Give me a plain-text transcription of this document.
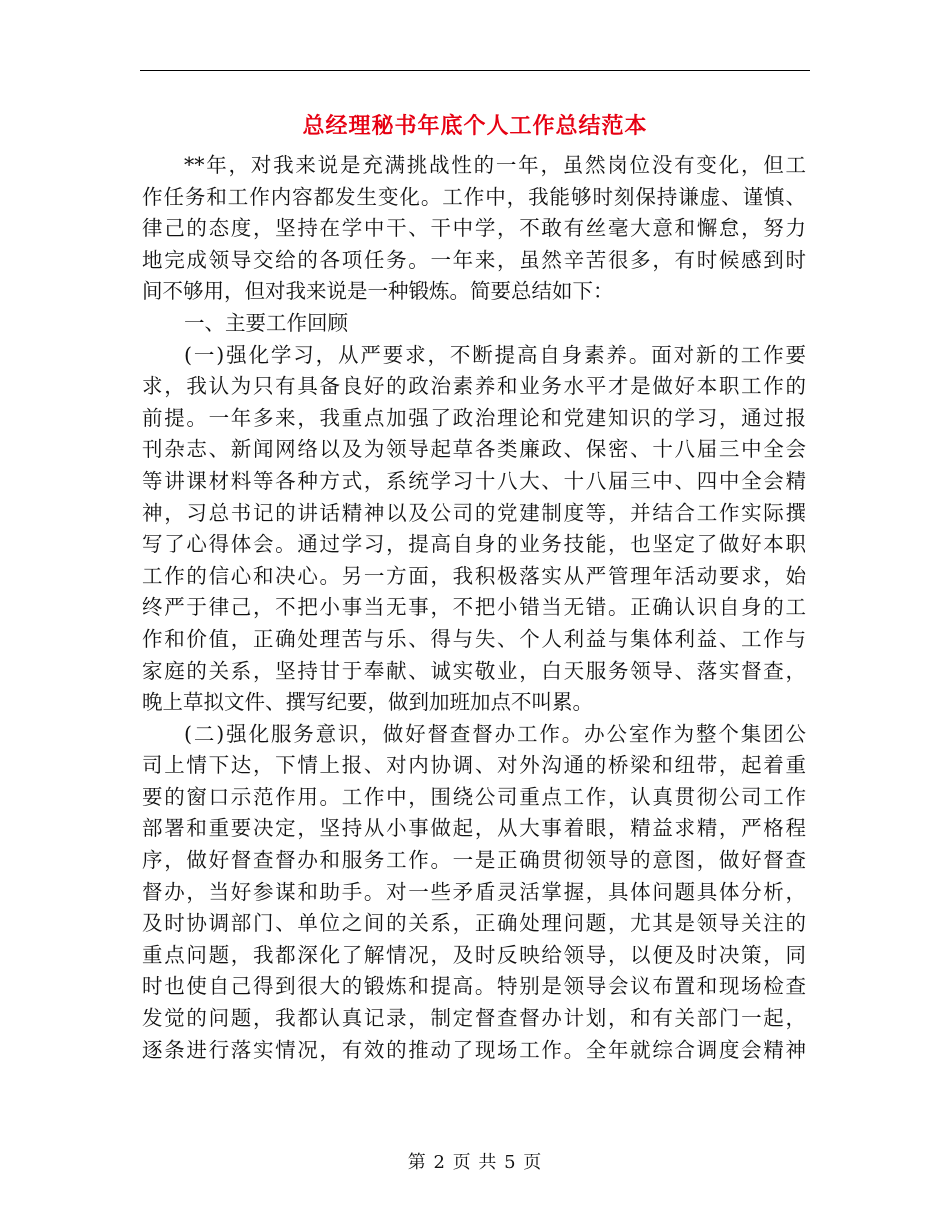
总经理秘书年底个人工作总结范本
**年，对我来说是充满挑战性的一年，虽然岗位没有变化，但工
作任务和工作内容都发生变化。工作中，我能够时刻保持谦虚、谨慎、
律己的态度，坚持在学中干、干中学，不敢有丝毫大意和懈怠，努力
地完成领导交给的各项任务。一年来，虽然辛苦很多，有时候感到时
间不够用，但对我来说是一种锻炼。简要总结如下：
一、主要工作回顾
(一)强化学习，从严要求，不断提高自身素养。面对新的工作要
求，我认为只有具备良好的政治素养和业务水平才是做好本职工作的
前提。一年多来，我重点加强了政治理论和党建知识的学习，通过报
刊杂志、新闻网络以及为领导起草各类廉政、保密、十八届三中全会
等讲课材料等各种方式，系统学习十八大、十八届三中、四中全会精
神，习总书记的讲话精神以及公司的党建制度等，并结合工作实际撰
写了心得体会。通过学习，提高自身的业务技能，也坚定了做好本职
工作的信心和决心。另一方面，我积极落实从严管理年活动要求，始
终严于律己，不把小事当无事，不把小错当无错。正确认识自身的工
作和价值，正确处理苦与乐、得与失、个人利益与集体利益、工作与
家庭的关系，坚持甘于奉献、诚实敬业，白天服务领导、落实督查，
晚上草拟文件、撰写纪要，做到加班加点不叫累。
(二)强化服务意识，做好督查督办工作。办公室作为整个集团公
司上情下达，下情上报、对内协调、对外沟通的桥梁和纽带，起着重
要的窗口示范作用。工作中，围绕公司重点工作，认真贯彻公司工作
部署和重要决定，坚持从小事做起，从大事着眼，精益求精，严格程
序，做好督查督办和服务工作。一是正确贯彻领导的意图，做好督查
督办，当好参谋和助手。对一些矛盾灵活掌握，具体问题具体分析，
及时协调部门、单位之间的关系，正确处理问题，尤其是领导关注的
重点问题，我都深化了解情况，及时反映给领导，以便及时决策，同
时也使自己得到很大的锻炼和提高。特别是领导会议布置和现场检查
发觉的问题，我都认真记录，制定督查督办计划，和有关部门一起，
逐条进行落实情况，有效的推动了现场工作。全年就综合调度会精神
第 2 页 共 5 页
